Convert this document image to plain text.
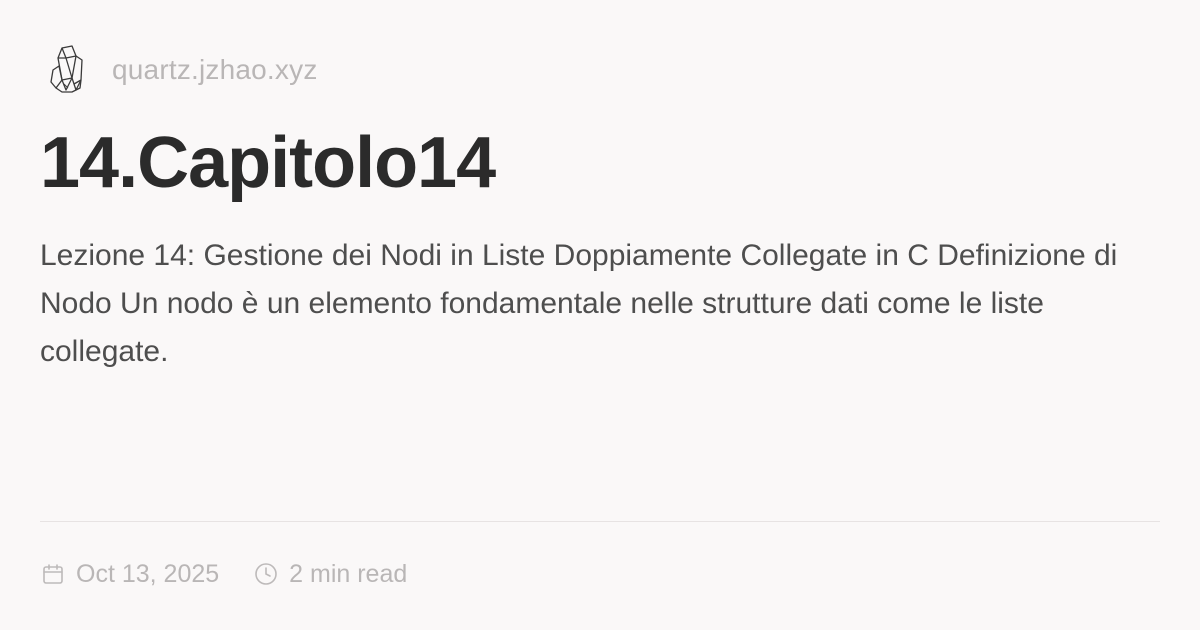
quartz.jzhao.xyz
14.Capitolo14

Lezione 14: Gestione dei Nodi in Liste Doppiamente Collegate in C Definizione di Nodo Un nodo è un elemento fondamentale nelle strutture dati come le liste collegate.

Oct 13, 2025	2 min read
